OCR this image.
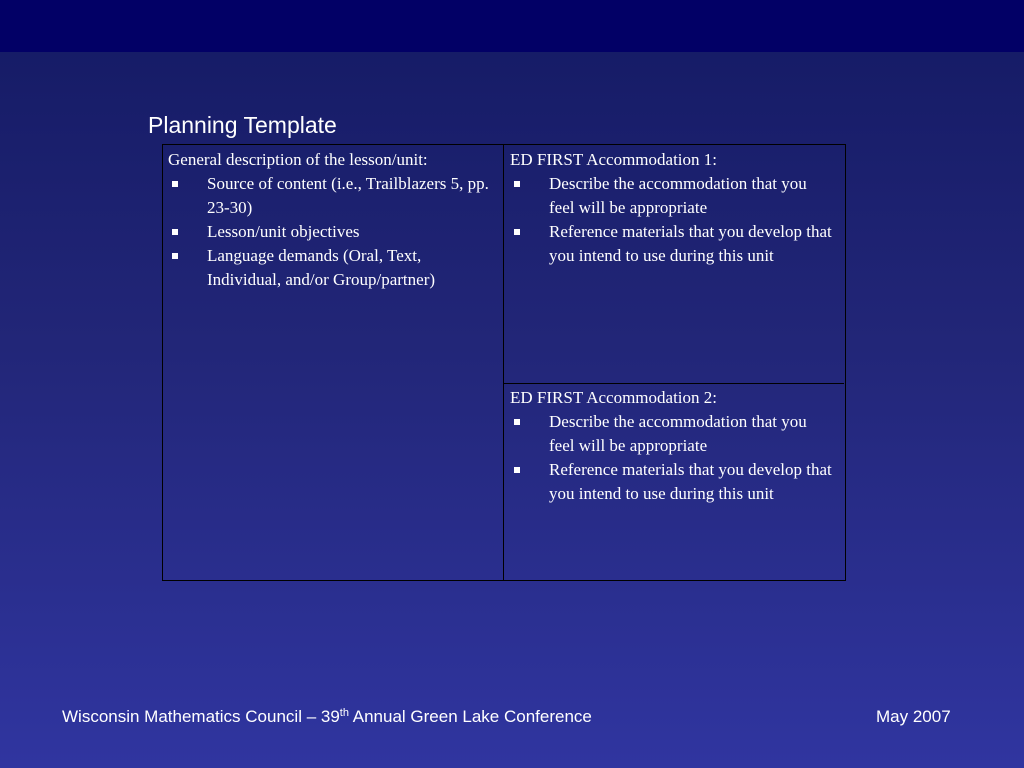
Planning Template
General description of the lesson/unit:
Source of content (i.e., Trailblazers 5, pp. 23-30)
Lesson/unit objectives
Language demands (Oral, Text, Individual, and/or Group/partner)
ED FIRST Accommodation 1:
Describe the accommodation that you feel will be appropriate
Reference materials that you develop that you intend to use during this unit
ED FIRST Accommodation 2:
Describe the accommodation that you feel will be appropriate
Reference materials that you develop that you intend to use during this unit
Wisconsin Mathematics Council – 39th Annual Green Lake Conference	May 2007
